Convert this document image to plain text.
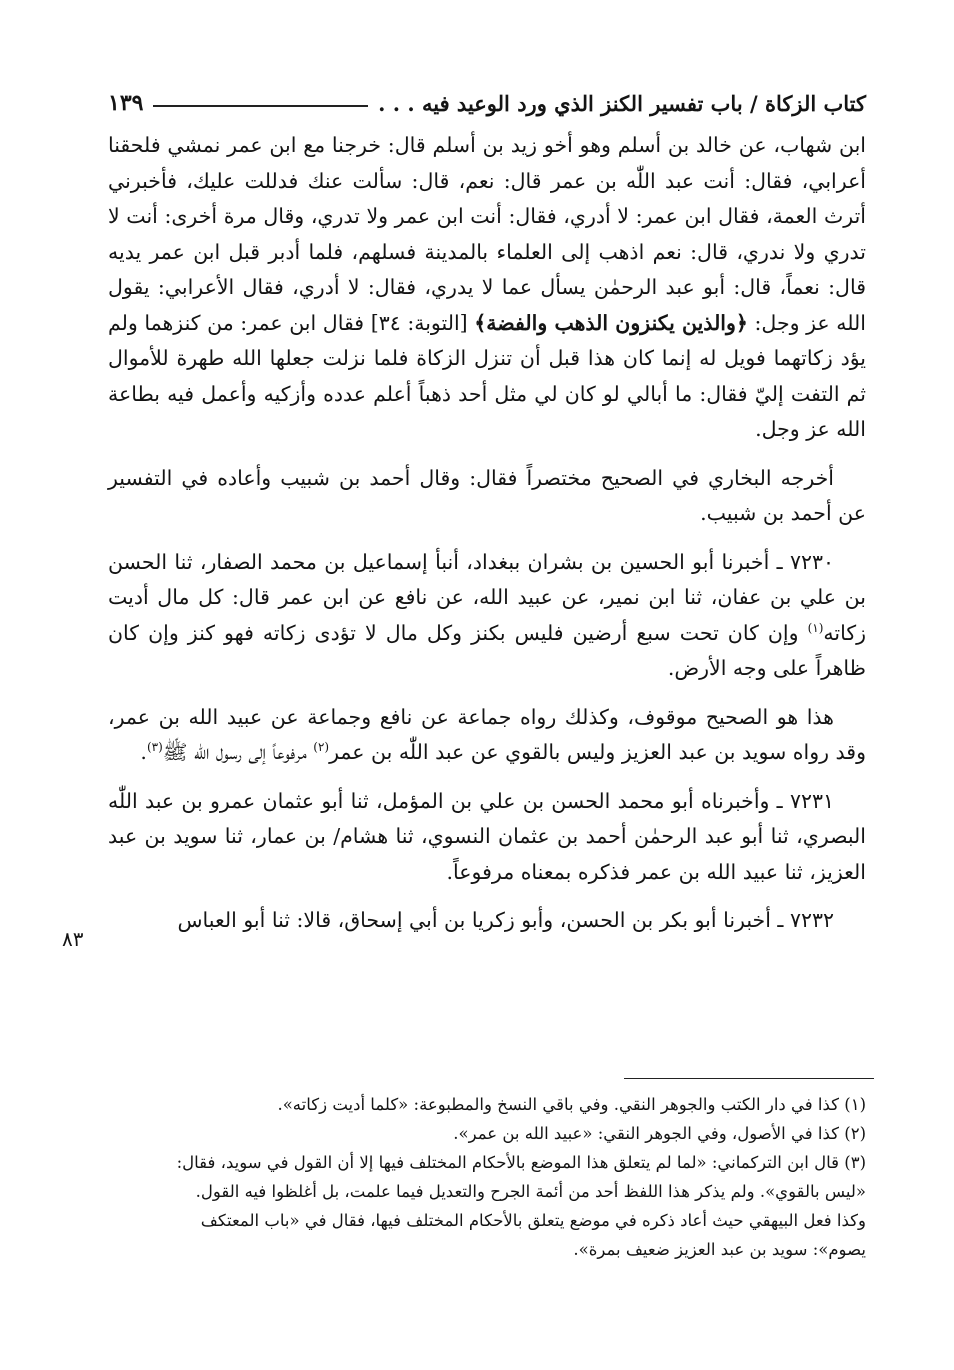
كتاب الزكاة / باب تفسير الكنز الذي ورد الوعيد فيه . . .
١٣٩

ابن شهاب، عن خالد بن أسلم وهو أخو زيد بن أسلم قال: خرجنا مع ابن عمر نمشي فلحقنا أعرابي، فقال: أنت عبد اللّٰه بن عمر قال: نعم، قال: سألت عنك فدللت عليك، فأخبرني أترث العمة، فقال ابن عمر: لا أدري، فقال: أنت ابن عمر ولا تدري، وقال مرة أخرى: أنت لا تدري ولا ندري، قال: نعم اذهب إلى العلماء بالمدينة فسلهم، فلما أدبر قبل ابن عمر يديه قال: نعماً، قال: أبو عبد الرحمٰن يسأل عما لا يدري، فقال: لا أدري، فقال الأعرابي: يقول الله عز وجل: ﴿والذين يكنزون الذهب والفضة﴾ [التوبة: ٣٤] فقال ابن عمر: من كنزهما ولم يؤد زكاتهما فويل له إنما كان هذا قبل أن تنزل الزكاة فلما نزلت جعلها الله طهرة للأموال ثم التفت إليّ فقال: ما أبالي لو كان لي مثل أحد ذهباً أعلم عدده وأزكيه وأعمل فيه بطاعة الله عز وجل.

أخرجه البخاري في الصحيح مختصراً فقال: وقال أحمد بن شبيب وأعاده في التفسير عن أحمد بن شبيب.

٧٢٣٠ ـ أخبرنا أبو الحسين بن بشران ببغداد، أنبأ إسماعيل بن محمد الصفار، ثنا الحسن بن علي بن عفان، ثنا ابن نمير، عن عبيد الله، عن نافع عن ابن عمر قال: كل مال أديت زكاته$^{(١)}$ وإن كان تحت سبع أرضين فليس بكنز وكل مال لا تؤدى زكاته فهو كنز وإن كان ظاهراً على وجه الأرض.

هذا هو الصحيح موقوف، وكذلك رواه جماعة عن نافع وجماعة عن عبيد الله بن عمر، وقد رواه سويد بن عبد العزيز وليس بالقوي عن عبد اللّٰه بن عمر$^{(٢)}$ مرفوعاً إلى رسول الله ﷺ$^{(٣)}$.

٧٢٣١ ـ وأخبرناه أبو محمد الحسن بن علي بن المؤمل، ثنا أبو عثمان عمرو بن عبد اللّٰه البصري، ثنا أبو عبد الرحمٰن أحمد بن عثمان النسوي، ثنا هشام/ بن عمار، ثنا سويد بن عبد العزيز، ثنا عبيد الله بن عمر فذكره بمعناه مرفوعاً.

٧٢٣٢ ـ أخبرنا أبو بكر بن الحسن، وأبو زكريا بن أبي إسحاق، قالا: ثنا أبو العباس

٨٣

(١) كذا في دار الكتب والجوهر النقي. وفي باقي النسخ والمطبوعة: «كلما أديت زكاته».

(٢) كذا في الأصول، وفي الجوهر النقي: «عبيد الله بن عمر».

(٣) قال ابن التركماني: «لما لم يتعلق هذا الموضع بالأحكام المختلف فيها إلا أن القول في سويد، فقال:

«ليس بالقوي». ولم يذكر هذا اللفظ أحد من أئمة الجرح والتعديل فيما علمت، بل أغلظوا فيه القول.

وكذا فعل البيهقي حيث أعاد ذكره في موضع يتعلق بالأحكام المختلف فيها، فقال في «باب المعتكف

يصوم»: سويد بن عبد العزيز ضعيف بمرة».
